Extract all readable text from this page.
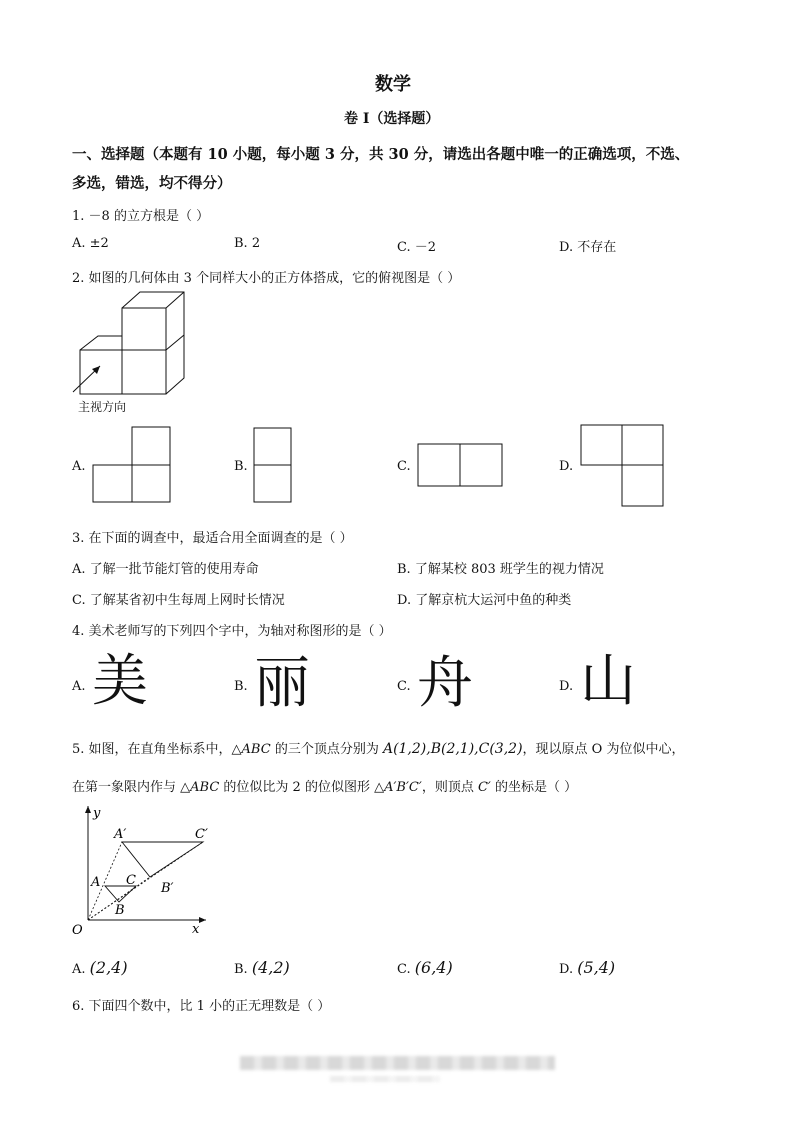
数学
卷 I（选择题）
一、选择题（本题有 10 小题，每小题 3 分，共 30 分，请选出各题中唯一的正确选项，不选、
多选，错选，均不得分）
1. －8 的立方根是（ ）
A. ±2	B. 2	C. －2	D. 不存在
2. 如图的几何体由 3 个同样大小的正方体搭成，它的俯视图是（ ）
主视方向
A.	B.	C.	D.
3. 在下面的调查中，最适合用全面调查的是（ ）
A. 了解一批节能灯管的使用寿命	B. 了解某校 803 班学生的视力情况
C. 了解某省初中生每周上网时长情况	D. 了解京杭大运河中鱼的种类
4. 美术老师写的下列四个字中，为轴对称图形的是（ ）
A. 美	B. 丽	C. 舟	D. 山
5. 如图，在直角坐标系中，△ABC 的三个顶点分别为 A(1,2),B(2,1),C(3,2)，现以原点 O 为位似中心，
在第一象限内作与 △ABC 的位似比为 2 的位似图形 △A′B′C′，则顶点 C′ 的坐标是（ ）
y
x
O
A
B
C
A′
B′
C′
A. (2,4)	B. (4,2)	C. (6,4)	D. (5,4)
6. 下面四个数中，比 1 小的正无理数是（ ）
